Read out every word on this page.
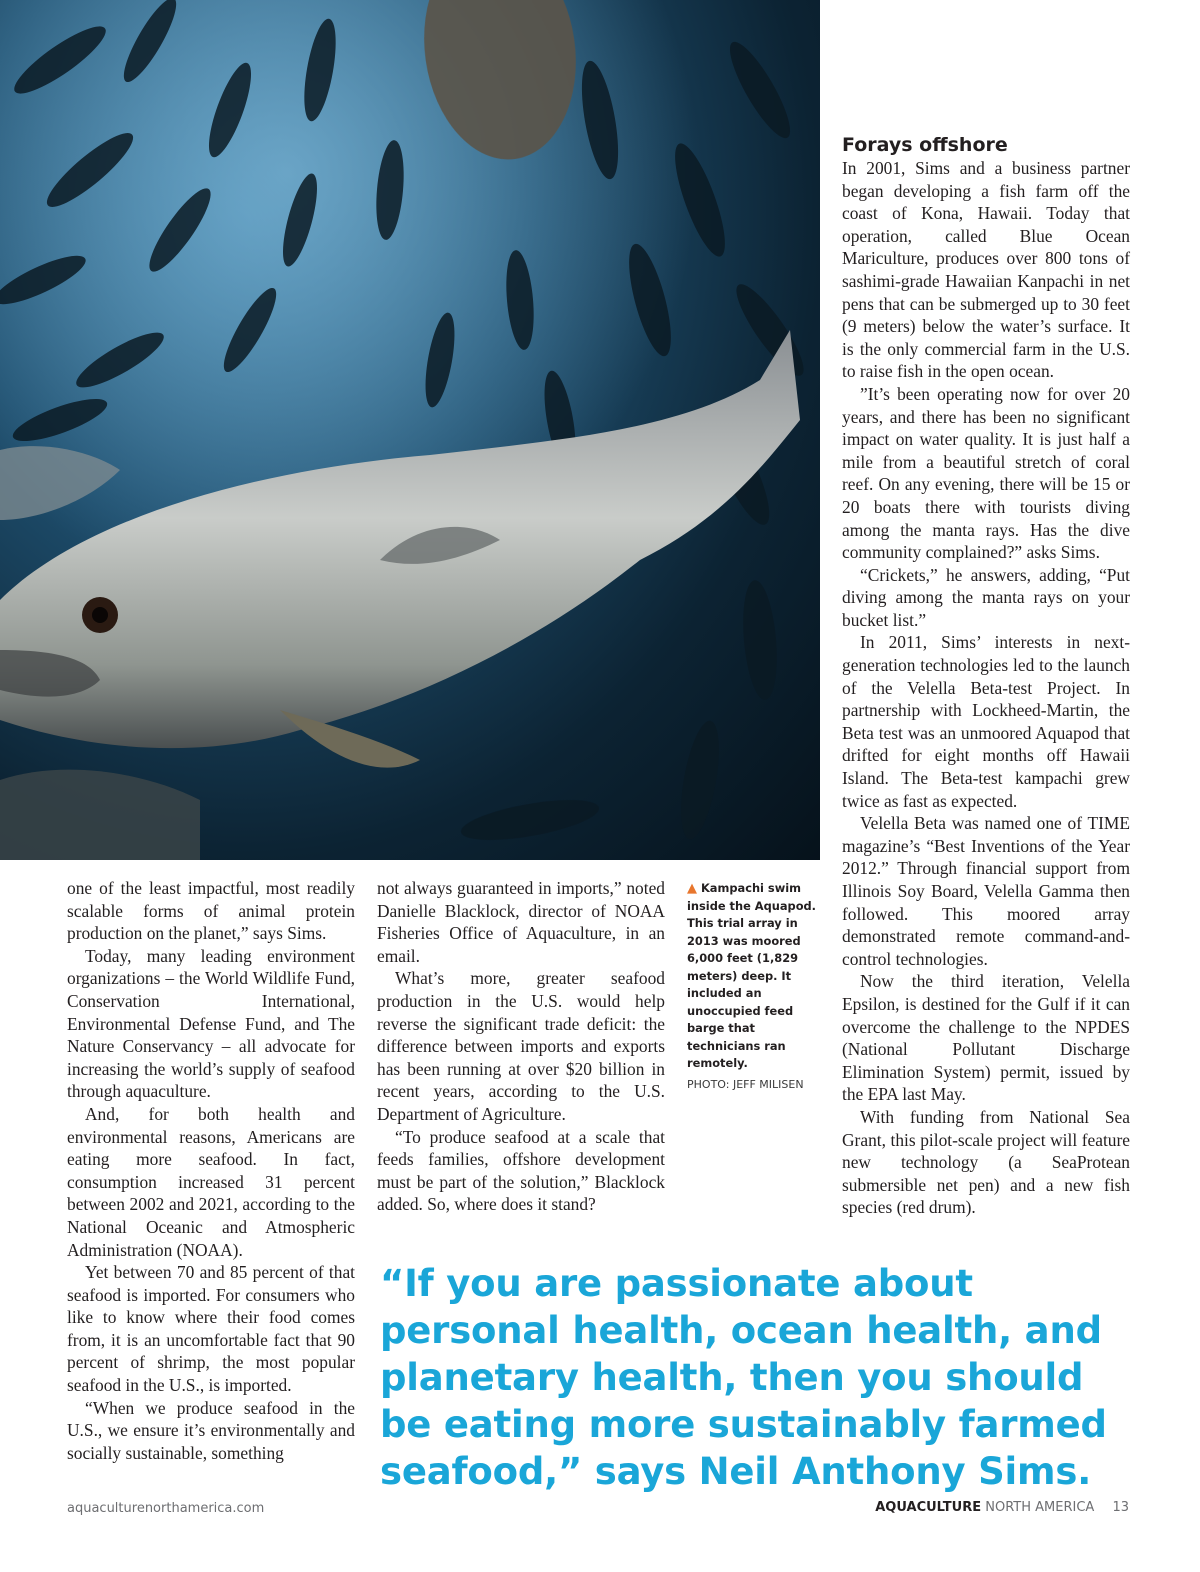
Forays offshore

In 2001, Sims and a business partner began developing a fish farm off the coast of Kona, Hawaii. Today that operation, called Blue Ocean Mariculture, produces over 800 tons of sashimi-grade Hawaiian Kanpachi in net pens that can be submerged up to 30 feet (9 meters) below the water’s surface. It is the only commercial farm in the U.S. to raise fish in the open ocean.

”It’s been operating now for over 20 years, and there has been no significant impact on water quality. It is just half a mile from a beautiful stretch of coral reef. On any evening, there will be 15 or 20 boats there with tourists diving among the manta rays. Has the dive community complained?” asks Sims.

“Crickets,” he answers, adding, “Put diving among the manta rays on your bucket list.”

In 2011, Sims’ interests in next-generation technologies led to the launch of the Velella Beta-test Project. In partnership with Lockheed-Martin, the Beta test was an unmoored Aquapod that drifted for eight months off Hawaii Island. The Beta-test kampachi grew twice as fast as expected.

Velella Beta was named one of TIME magazine’s “Best Inventions of the Year 2012.” Through financial support from Illinois Soy Board, Velella Gamma then followed. This moored array demonstrated remote command-and-control technologies.

Now the third iteration, Velella Epsilon, is destined for the Gulf if it can overcome the challenge to the NPDES (National Pollutant Discharge Elimination System) permit, issued by the EPA last May.

With funding from National Sea Grant, this pilot-scale project will feature new technology (a SeaProtean submersible net pen) and a new fish species (red drum).

one of the least impactful, most readily scalable forms of animal protein production on the planet,” says Sims.

Today, many leading environment organizations – the World Wildlife Fund, Conservation International, Environmental Defense Fund, and The Nature Conservancy – all advocate for increasing the world’s supply of seafood through aquaculture.

And, for both health and environmental reasons, Americans are eating more seafood. In fact, consumption increased 31 percent between 2002 and 2021, according to the National Oceanic and Atmospheric Administration (NOAA).

Yet between 70 and 85 percent of that seafood is imported. For consumers who like to know where their food comes from, it is an uncomfortable fact that 90 percent of shrimp, the most popular seafood in the U.S., is imported.

“When we produce seafood in the U.S., we ensure it’s environmentally and socially sustainable, something

not always guaranteed in imports,” noted Danielle Blacklock, director of NOAA Fisheries Office of Aquaculture, in an email.

What’s more, greater seafood production in the U.S. would help reverse the significant trade deficit: the difference between imports and exports has been running at over $20 billion in recent years, according to the U.S. Department of Agriculture.

“To produce seafood at a scale that feeds families, offshore development must be part of the solution,” Blacklock added. So, where does it stand?

▲ Kampachi swim inside the Aquapod. This trial array in 2013 was moored 6,000 feet (1,829 meters) deep. It included an unoccupied feed barge that technicians ran remotely.
PHOTO: JEFF MILISEN

“If you are passionate about personal health, ocean health, and planetary health, then you should be eating more sustainably farmed seafood,” says Neil Anthony Sims.

aquaculturenorthamerica.com	AQUACULTURE NORTH AMERICA 13
